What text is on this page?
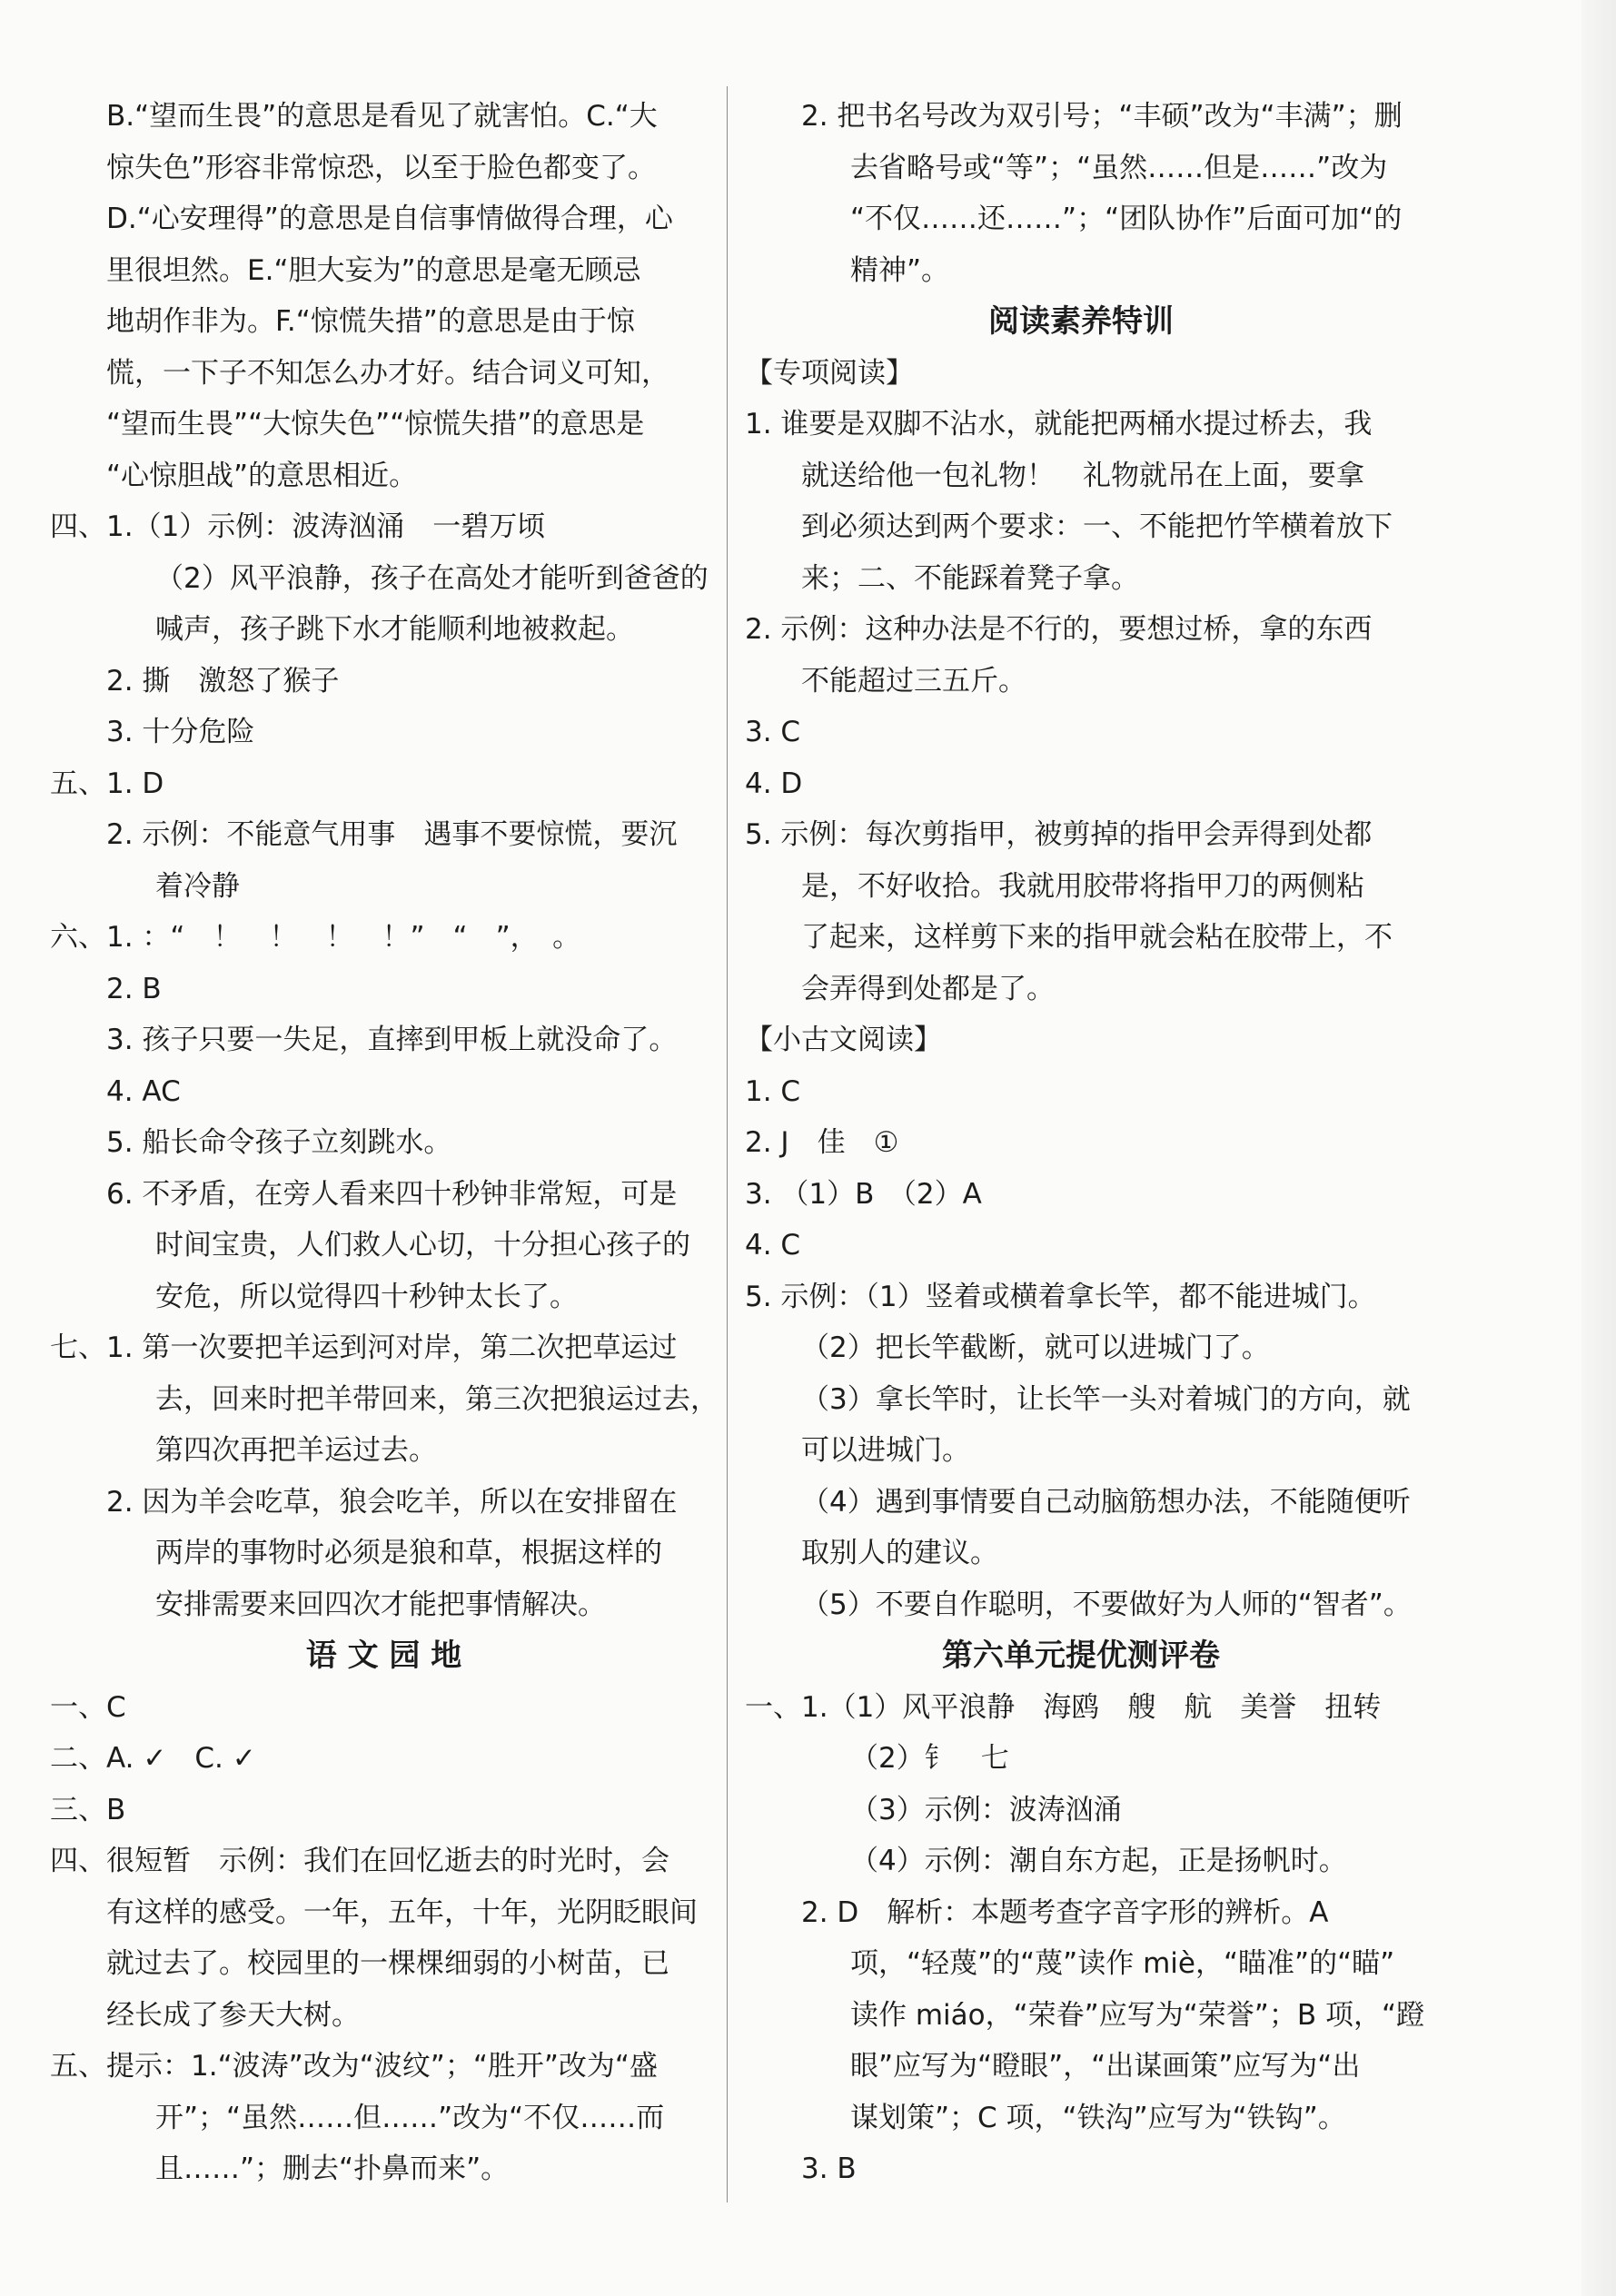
B.“望而生畏”的意思是看见了就害怕。C.“大
惊失色”形容非常惊恐，以至于脸色都变了。
D.“心安理得”的意思是自信事情做得合理，心
里很坦然。E.“胆大妄为”的意思是毫无顾忌
地胡作非为。F.“惊慌失措”的意思是由于惊
慌，一下子不知怎么办才好。结合词义可知，
“望而生畏”“大惊失色”“惊慌失措”的意思是
“心惊胆战”的意思相近。
四、1.（1）示例：波涛汹涌　一碧万顷
（2）风平浪静，孩子在高处才能听到爸爸的
喊声，孩子跳下水才能顺利地被救起。
2. 撕　激怒了猴子
3. 十分危险
五、1. D
2. 示例：不能意气用事　遇事不要惊慌，要沉
着冷静
六、1. ：“　！　！　！　！”　“　”，　。
2. B
3. 孩子只要一失足，直摔到甲板上就没命了。
4. AC
5. 船长命令孩子立刻跳水。
6. 不矛盾，在旁人看来四十秒钟非常短，可是
时间宝贵，人们救人心切，十分担心孩子的
安危，所以觉得四十秒钟太长了。
七、1. 第一次要把羊运到河对岸，第二次把草运过
去，回来时把羊带回来，第三次把狼运过去，
第四次再把羊运过去。
2. 因为羊会吃草，狼会吃羊，所以在安排留在
两岸的事物时必须是狼和草，根据这样的
安排需要来回四次才能把事情解决。
语 文 园 地
一、C
二、A. ✓　C. ✓
三、B
四、很短暂　示例：我们在回忆逝去的时光时，会
有这样的感受。一年，五年，十年，光阴眨眼间
就过去了。校园里的一棵棵细弱的小树苗，已
经长成了参天大树。
五、提示：1.“波涛”改为“波纹”；“胜开”改为“盛
开”；“虽然……但……”改为“不仅……而
且……”；删去“扑鼻而来”。
2. 把书名号改为双引号；“丰硕”改为“丰满”；删
去省略号或“等”；“虽然……但是……”改为
“不仅……还……”；“团队协作”后面可加“的
精神”。
阅读素养特训
【专项阅读】
1. 谁要是双脚不沾水，就能把两桶水提过桥去，我
就送给他一包礼物！　礼物就吊在上面，要拿
到必须达到两个要求：一、不能把竹竿横着放下
来；二、不能踩着凳子拿。
2. 示例：这种办法是不行的，要想过桥，拿的东西
不能超过三五斤。
3. C
4. D
5. 示例：每次剪指甲，被剪掉的指甲会弄得到处都
是，不好收拾。我就用胶带将指甲刀的两侧粘
了起来，这样剪下来的指甲就会粘在胶带上，不
会弄得到处都是了。
【小古文阅读】
1. C
2. J　佳　①
3. （1）B　（2）A
4. C
5. 示例：（1）竖着或横着拿长竿，都不能进城门。
（2）把长竿截断，就可以进城门了。
（3）拿长竿时，让长竿一头对着城门的方向，就
可以进城门。
（4）遇到事情要自己动脑筋想办法，不能随便听
取别人的建议。
（5）不要自作聪明，不要做好为人师的“智者”。
第六单元提优测评卷
一、1.（1）风平浪静　海鸥　艘　航　美誉　扭转
（2）钅　七
（3）示例：波涛汹涌
（4）示例：潮自东方起，正是扬帆时。
2. D　解析：本题考查字音字形的辨析。A
项，“轻蔑”的“蔑”读作 miè，“瞄准”的“瞄”
读作 miáo，“荣眷”应写为“荣誉”；B 项，“蹬
眼”应写为“瞪眼”，“出谋画策”应写为“出
谋划策”；C 项，“铁沟”应写为“铁钩”。
3. B
